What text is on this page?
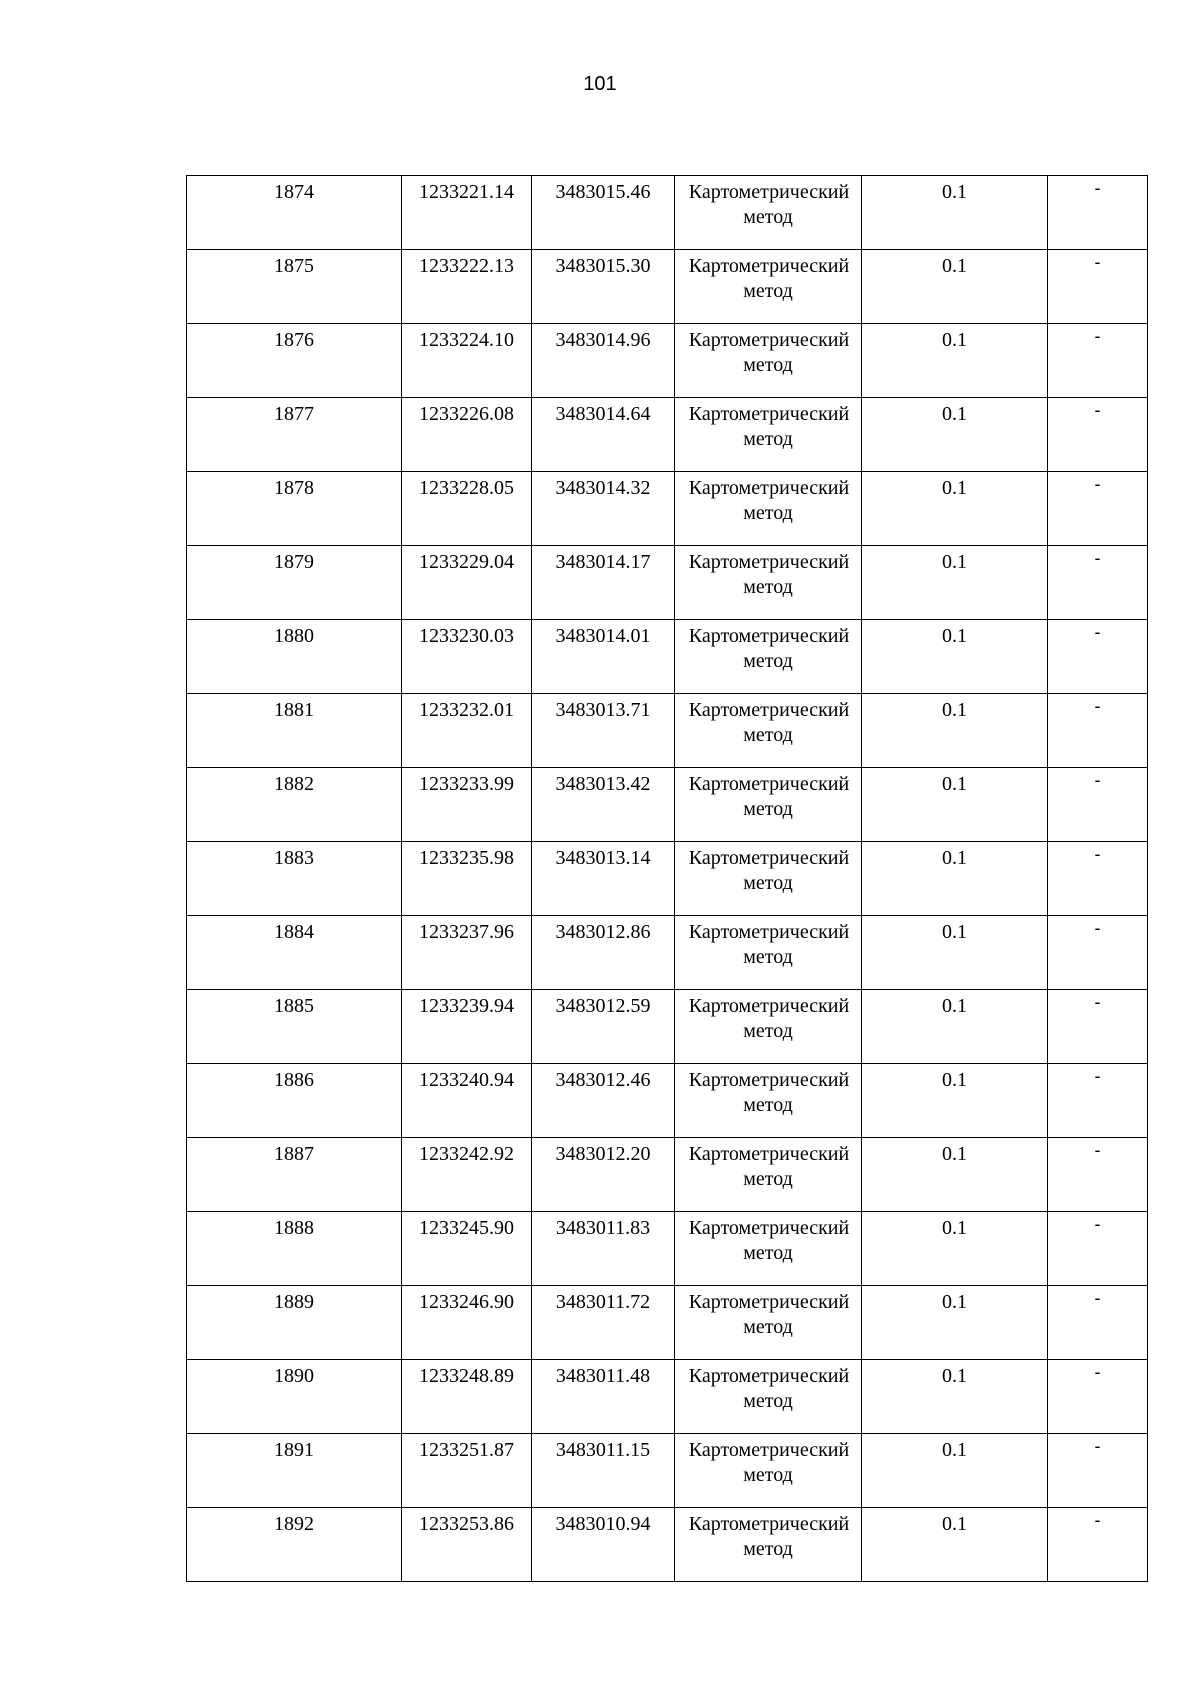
101
1874	1233221.14	3483015.46	Картометрический
метод	0.1	-

1875	1233222.13	3483015.30	Картометрический
метод	0.1	-

1876	1233224.10	3483014.96	Картометрический
метод	0.1	-

1877	1233226.08	3483014.64	Картометрический
метод	0.1	-

1878	1233228.05	3483014.32	Картометрический
метод	0.1	-

1879	1233229.04	3483014.17	Картометрический
метод	0.1	-

1880	1233230.03	3483014.01	Картометрический
метод	0.1	-

1881	1233232.01	3483013.71	Картометрический
метод	0.1	-

1882	1233233.99	3483013.42	Картометрический
метод	0.1	-

1883	1233235.98	3483013.14	Картометрический
метод	0.1	-

1884	1233237.96	3483012.86	Картометрический
метод	0.1	-

1885	1233239.94	3483012.59	Картометрический
метод	0.1	-

1886	1233240.94	3483012.46	Картометрический
метод	0.1	-

1887	1233242.92	3483012.20	Картометрический
метод	0.1	-

1888	1233245.90	3483011.83	Картометрический
метод	0.1	-

1889	1233246.90	3483011.72	Картометрический
метод	0.1	-

1890	1233248.89	3483011.48	Картометрический
метод	0.1	-

1891	1233251.87	3483011.15	Картометрический
метод	0.1	-

1892	1233253.86	3483010.94	Картометрический
метод	0.1	-
